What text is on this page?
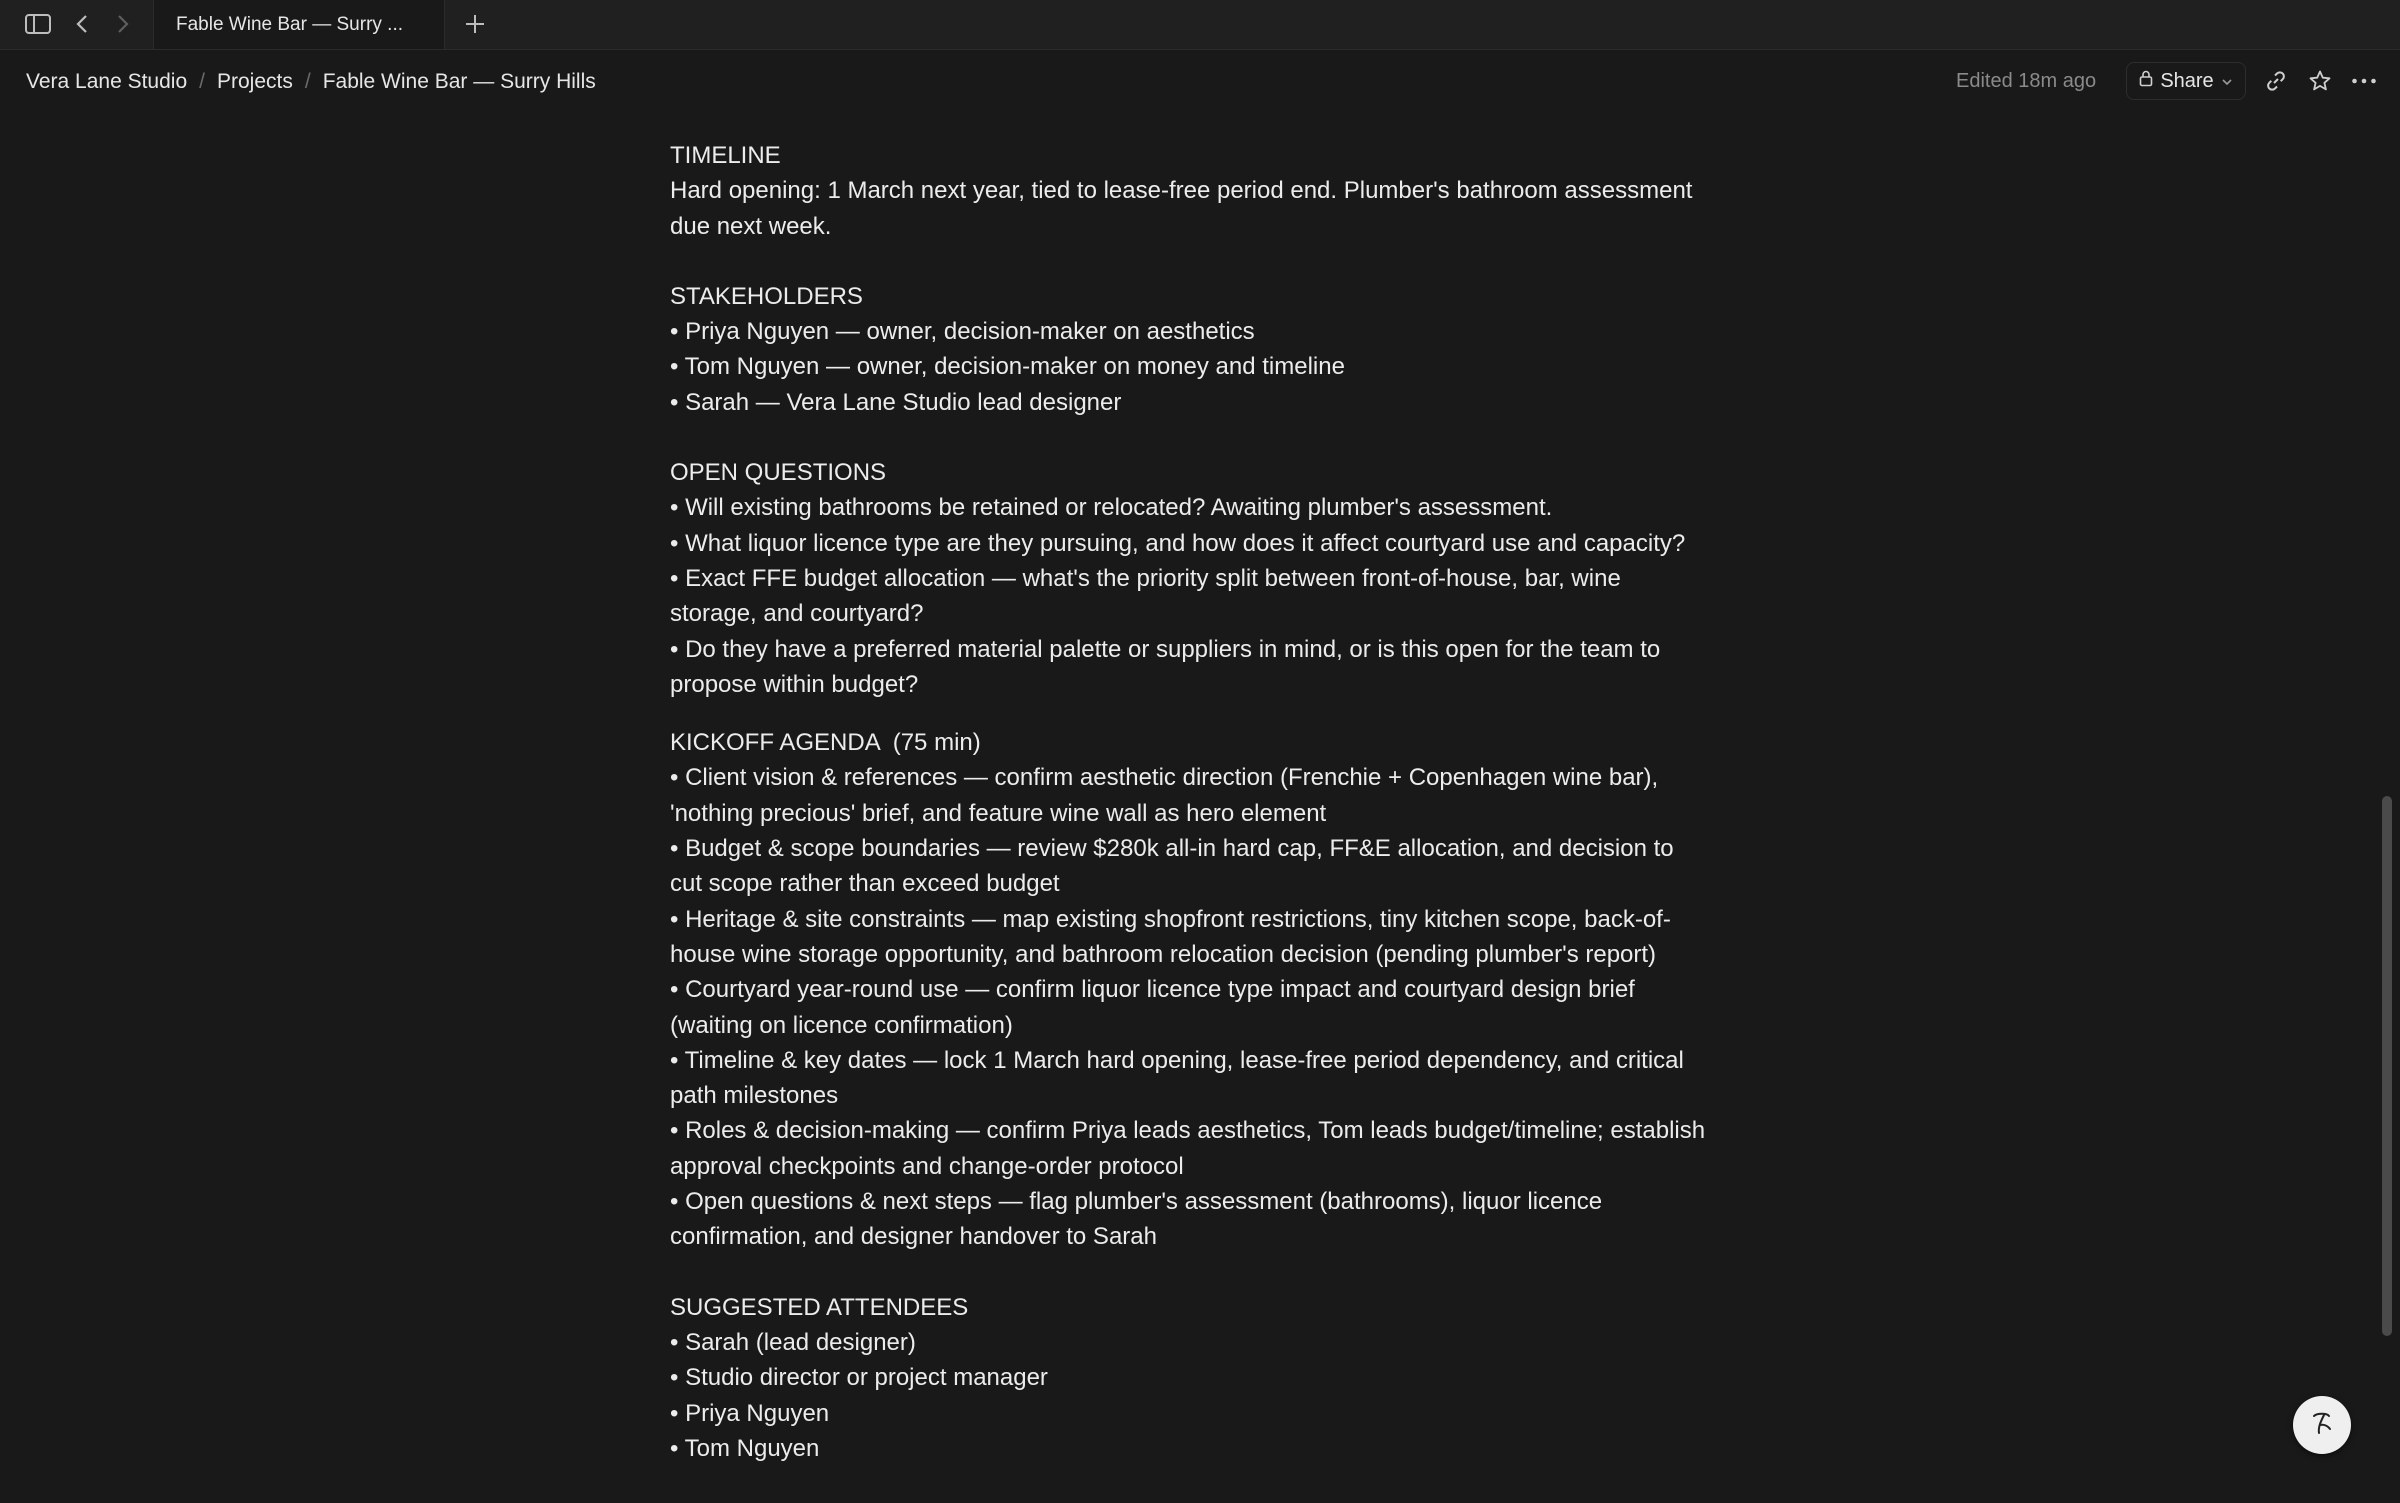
Fable Wine Bar — Surry ...
Vera Lane Studio / Projects / Fable Wine Bar — Surry Hills	Edited 18m ago	Share
TIMELINE
Hard opening: 1 March next year, tied to lease-free period end. Plumber's bathroom assessment due next week.
STAKEHOLDERS
• Priya Nguyen — owner, decision-maker on aesthetics
• Tom Nguyen — owner, decision-maker on money and timeline
• Sarah — Vera Lane Studio lead designer
OPEN QUESTIONS
• Will existing bathrooms be retained or relocated? Awaiting plumber's assessment.
• What liquor licence type are they pursuing, and how does it affect courtyard use and capacity?
• Exact FFE budget allocation — what's the priority split between front-of-house, bar, wine storage, and courtyard?
• Do they have a preferred material palette or suppliers in mind, or is this open for the team to propose within budget?
KICKOFF AGENDA  (75 min)
• Client vision & references — confirm aesthetic direction (Frenchie + Copenhagen wine bar), 'nothing precious' brief, and feature wine wall as hero element
• Budget & scope boundaries — review $280k all-in hard cap, FF&E allocation, and decision to cut scope rather than exceed budget
• Heritage & site constraints — map existing shopfront restrictions, tiny kitchen scope, back-of-house wine storage opportunity, and bathroom relocation decision (pending plumber's report)
• Courtyard year-round use — confirm liquor licence type impact and courtyard design brief (waiting on licence confirmation)
• Timeline & key dates — lock 1 March hard opening, lease-free period dependency, and critical path milestones
• Roles & decision-making — confirm Priya leads aesthetics, Tom leads budget/timeline; establish approval checkpoints and change-order protocol
• Open questions & next steps — flag plumber's assessment (bathrooms), liquor licence confirmation, and designer handover to Sarah
SUGGESTED ATTENDEES
• Sarah (lead designer)
• Studio director or project manager
• Priya Nguyen
• Tom Nguyen
